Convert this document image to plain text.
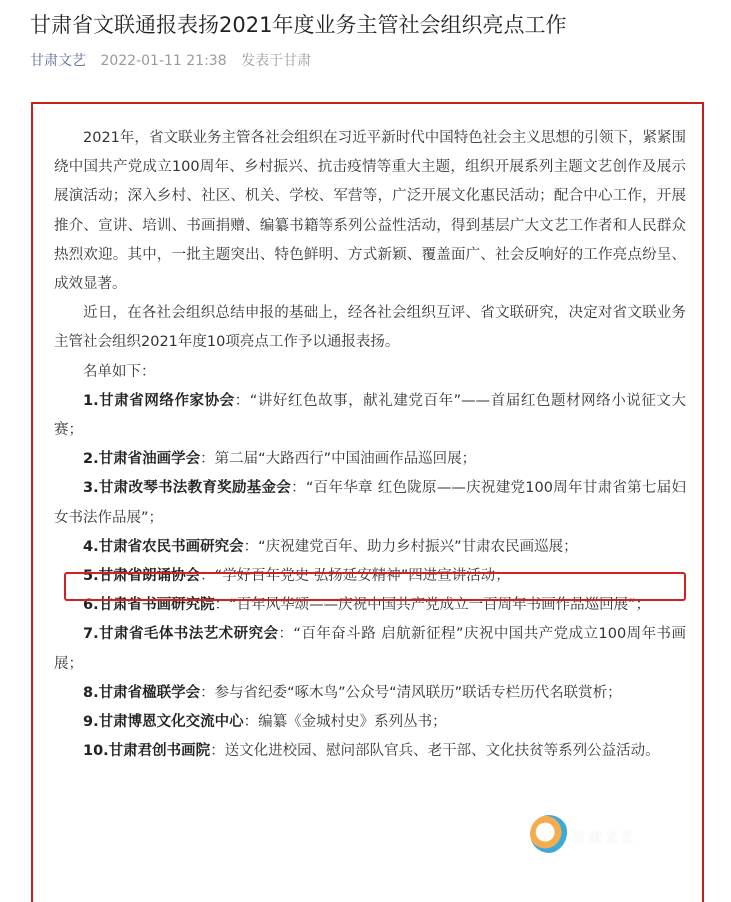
甘肃省文联通报表扬2021年度业务主管社会组织亮点工作
甘肃文艺 2022-01-11 21:38 发表于甘肃

2021年，省文联业务主管各社会组织在习近平新时代中国特色社会主义思想的引领下，紧紧围绕中国共产党成立100周年、乡村振兴、抗击疫情等重大主题，组织开展系列主题文艺创作及展示展演活动；深入乡村、社区、机关、学校、军营等，广泛开展文化惠民活动；配合中心工作，开展推介、宣讲、培训、书画捐赠、编纂书籍等系列公益性活动，得到基层广大文艺工作者和人民群众热烈欢迎。其中，一批主题突出、特色鲜明、方式新颖、覆盖面广、社会反响好的工作亮点纷呈、成效显著。

近日，在各社会组织总结申报的基础上，经各社会组织互评、省文联研究，决定对省文联业务主管社会组织2021年度10项亮点工作予以通报表扬。

名单如下：

1.甘肃省网络作家协会：“讲好红色故事，献礼建党百年”——首届红色题材网络小说征文大赛；

2.甘肃省油画学会：第二届“大路西行”中国油画作品巡回展；

3.甘肃改琴书法教育奖励基金会：“百年华章 红色陇原——庆祝建党100周年甘肃省第七届妇女书法作品展”；

4.甘肃省农民书画研究会：“庆祝建党百年、助力乡村振兴”甘肃农民画巡展；

5.甘肃省朗诵协会：“学好百年党史 弘扬延安精神”四进宣讲活动；

6.甘肃省书画研究院：“百年风华颂——庆祝中国共产党成立一百周年书画作品巡回展”；

7.甘肃省毛体书法艺术研究会：“百年奋斗路 启航新征程”庆祝中国共产党成立100周年书画展；

8.甘肃省楹联学会：参与省纪委“啄木鸟”公众号“清风联历”联话专栏历代名联赏析；

9.甘肃博恩文化交流中心：编纂《金城村史》系列丛书；

10.甘肃君创书画院：送文化进校园、慰问部队官兵、老干部、文化扶贫等系列公益活动。

甘肃文艺
